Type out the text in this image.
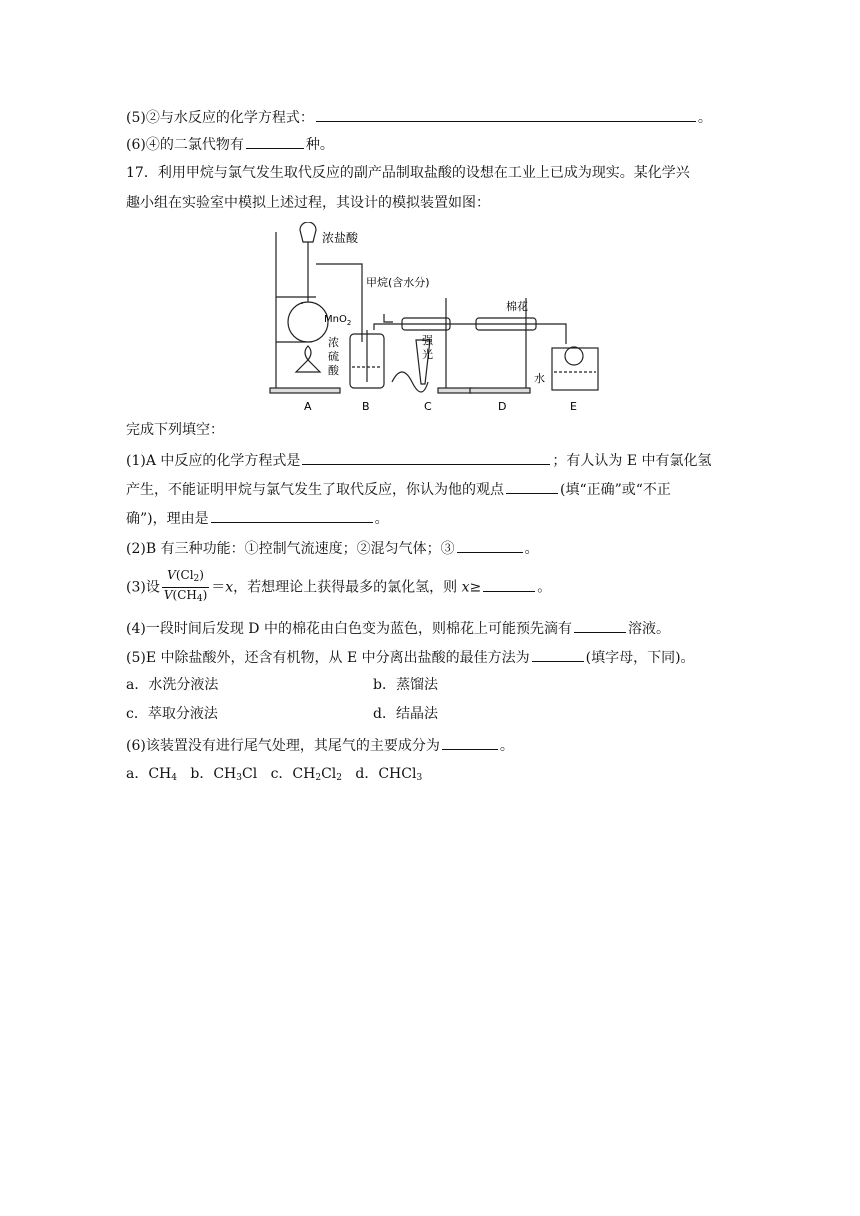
(5)②与水反应的化学方程式：	。
(6)④的二氯代物有	种。
17．利用甲烷与氯气发生取代反应的副产品制取盐酸的设想在工业上已成为现实。某化学兴
趣小组在实验室中模拟上述过程，其设计的模拟装置如图：
浓盐酸
甲烷(含水分)
MnO$_2$
浓
硫
酸
强
光
棉花
水
A	B	C	D	E
完成下列填空：
(1)A 中反应的化学方程式是	；有人认为 E 中有氯化氢
产生，不能证明甲烷与氯气发生了取代反应，你认为他的观点	(填“正确”或“不正
确”)，理由是	。
(2)B 有三种功能：①控制气流速度；②混匀气体；③	。
(3)设 $\frac{V(Cl_2)}{V(CH_4)} =x$，若想理论上获得最多的氯化氢，则 x≥	。
(4)一段时间后发现 D 中的棉花由白色变为蓝色，则棉花上可能预先滴有	溶液。
(5)E 中除盐酸外，还含有机物，从 E 中分离出盐酸的最佳方法为	(填字母，下同)。
a．水洗分液法	b．蒸馏法
c．萃取分液法	d．结晶法
(6)该装置没有进行尾气处理，其尾气的主要成分为	。
a．$CH_4$ b．$CH_3Cl$ c．$CH_2Cl_2$ d．CHCl$_3$
